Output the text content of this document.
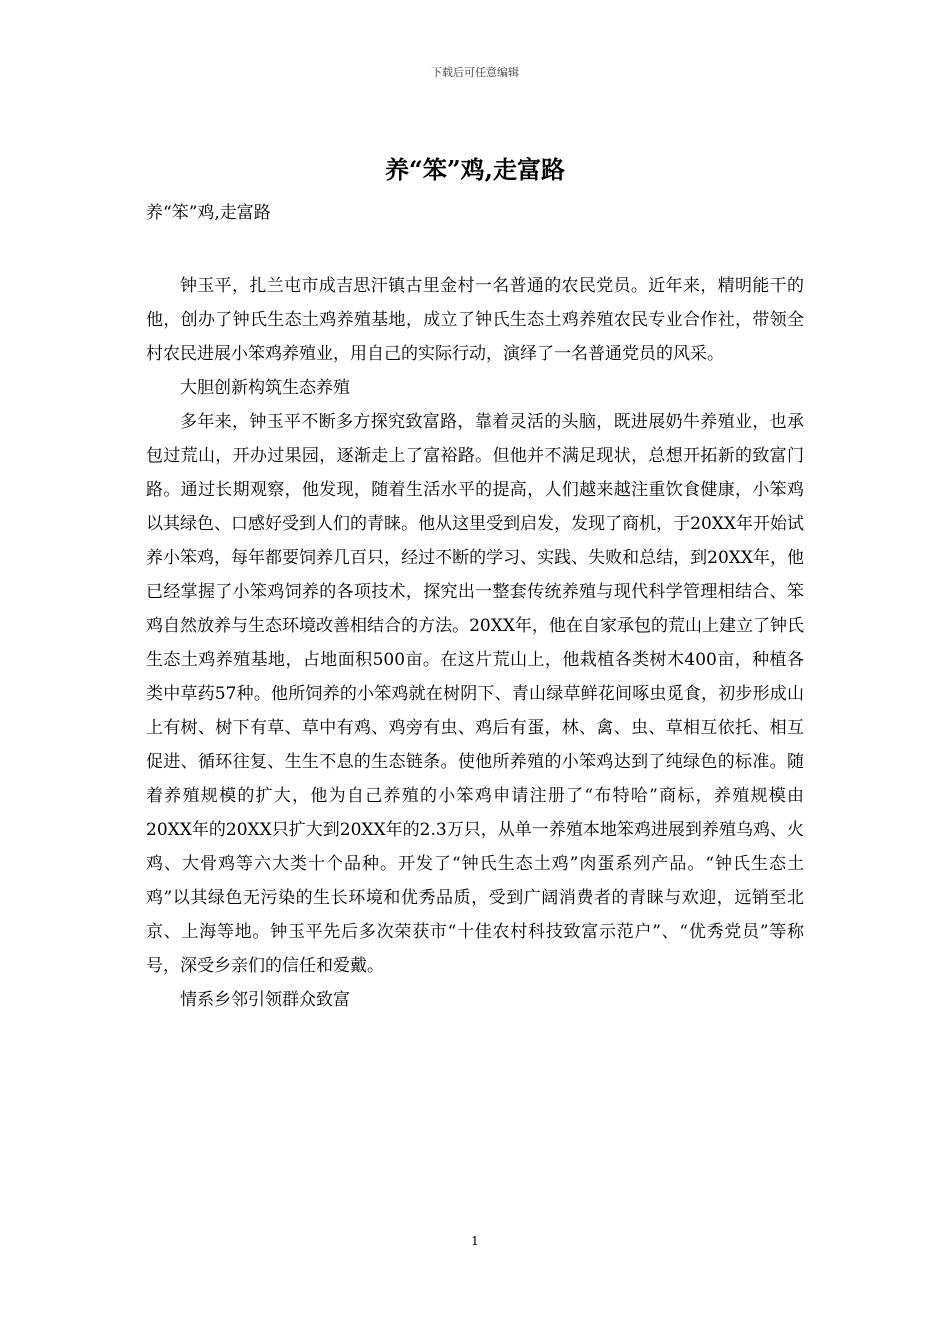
下载后可任意编辑
养“笨”鸡,走富路
养“笨”鸡,走富路

钟玉平，扎兰屯市成吉思汗镇古里金村一名普通的农民党员。近年来，精明能干的他，创办了钟氏生态土鸡养殖基地，成立了钟氏生态土鸡养殖农民专业合作社，带领全村农民进展小笨鸡养殖业，用自己的实际行动，演绎了一名普通党员的风采。

大胆创新构筑生态养殖

多年来，钟玉平不断多方探究致富路，靠着灵活的头脑，既进展奶牛养殖业，也承包过荒山，开办过果园，逐渐走上了富裕路。但他并不满足现状，总想开拓新的致富门路。通过长期观察，他发现，随着生活水平的提高，人们越来越注重饮食健康，小笨鸡以其绿色、口感好受到人们的青睐。他从这里受到启发，发现了商机，于20XX年开始试养小笨鸡，每年都要饲养几百只，经过不断的学习、实践、失败和总结，到20XX年，他已经掌握了小笨鸡饲养的各项技术，探究出一整套传统养殖与现代科学管理相结合、笨鸡自然放养与生态环境改善相结合的方法。20XX年，他在自家承包的荒山上建立了钟氏生态土鸡养殖基地，占地面积500亩。在这片荒山上，他栽植各类树木400亩，种植各类中草药57种。他所饲养的小笨鸡就在树阴下、青山绿草鲜花间啄虫觅食，初步形成山上有树、树下有草、草中有鸡、鸡旁有虫、鸡后有蛋，林、禽、虫、草相互依托、相互促进、循环往复、生生不息的生态链条。使他所养殖的小笨鸡达到了纯绿色的标准。随着养殖规模的扩大，他为自己养殖的小笨鸡申请注册了“布特哈”商标，养殖规模由20XX年的20XX只扩大到20XX年的2.3万只，从单一养殖本地笨鸡进展到养殖乌鸡、火鸡、大骨鸡等六大类十个品种。开发了“钟氏生态土鸡”肉蛋系列产品。“钟氏生态土鸡”以其绿色无污染的生长环境和优秀品质，受到广阔消费者的青睐与欢迎，远销至北京、上海等地。钟玉平先后多次荣获市“十佳农村科技致富示范户”、“优秀党员”等称号，深受乡亲们的信任和爱戴。

情系乡邻引领群众致富

1
